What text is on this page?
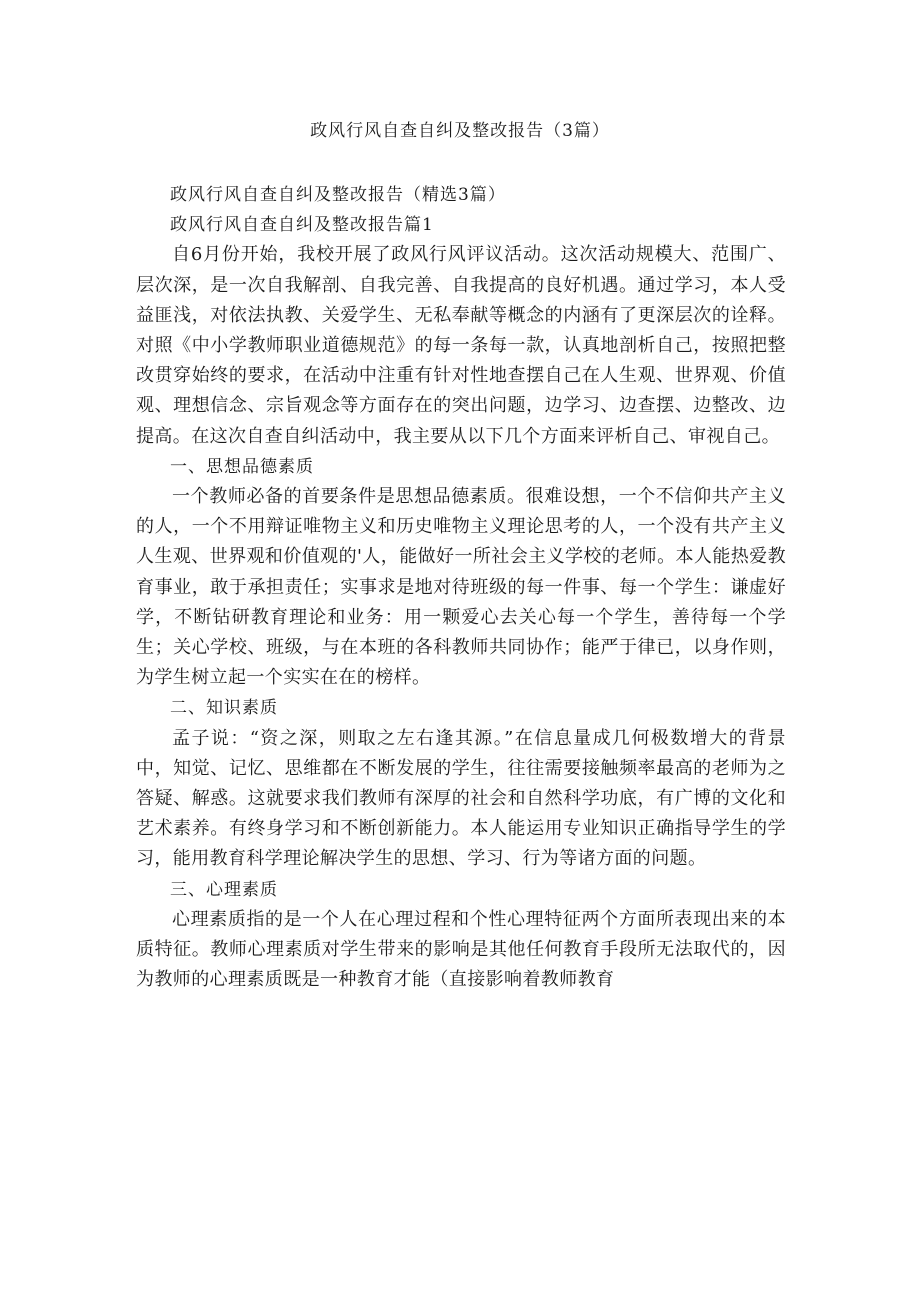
政风行风自查自纠及整改报告（3篇）

政风行风自查自纠及整改报告（精选3篇）

政风行风自查自纠及整改报告篇1

自6月份开始，我校开展了政风行风评议活动。这次活动规模大、范围广、层次深，是一次自我解剖、自我完善、自我提高的良好机遇。通过学习，本人受益匪浅，对依法执教、关爱学生、无私奉献等概念的内涵有了更深层次的诠释。对照《中小学教师职业道德规范》的每一条每一款，认真地剖析自己，按照把整改贯穿始终的要求，在活动中注重有针对性地查摆自己在人生观、世界观、价值观、理想信念、宗旨观念等方面存在的突出问题，边学习、边查摆、边整改、边提高。在这次自查自纠活动中，我主要从以下几个方面来评析自己、审视自己。

一、思想品德素质

一个教师必备的首要条件是思想品德素质。很难设想，一个不信仰共产主义的人，一个不用辩证唯物主义和历史唯物主义理论思考的人，一个没有共产主义人生观、世界观和价值观的'人，能做好一所社会主义学校的老师。本人能热爱教育事业，敢于承担责任；实事求是地对待班级的每一件事、每一个学生：谦虚好学，不断钻研教育理论和业务：用一颗爱心去关心每一个学生，善待每一个学生；关心学校、班级，与在本班的各科教师共同协作；能严于律已，以身作则，为学生树立起一个实实在在的榜样。

二、知识素质

孟子说：“资之深，则取之左右逢其源。”在信息量成几何极数增大的背景中，知觉、记忆、思维都在不断发展的学生，往往需要接触频率最高的老师为之答疑、解惑。这就要求我们教师有深厚的社会和自然科学功底，有广博的文化和艺术素养。有终身学习和不断创新能力。本人能运用专业知识正确指导学生的学习，能用教育科学理论解决学生的思想、学习、行为等诸方面的问题。

三、心理素质

心理素质指的是一个人在心理过程和个性心理特征两个方面所表现出来的本质特征。教师心理素质对学生带来的影响是其他任何教育手段所无法取代的，因为教师的心理素质既是一种教育才能（直接影响着教师教育
